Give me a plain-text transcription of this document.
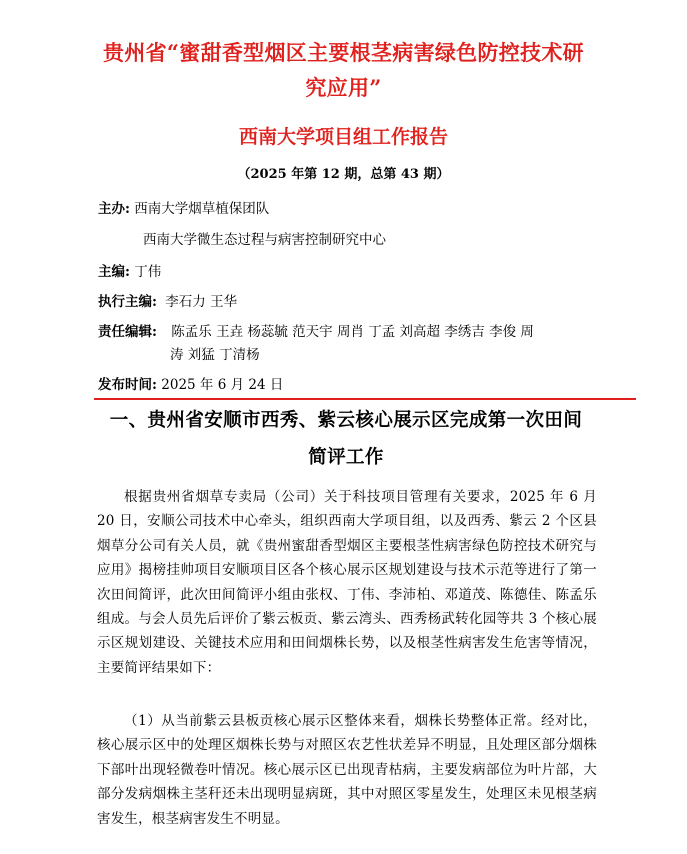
贵州省“蜜甜香型烟区主要根茎病害绿色防控技术研
究应用”
西南大学项目组工作报告
（2025 年第 12 期，总第 43 期）
主办: 西南大学烟草植保团队
西南大学微生态过程与病害控制研究中心
主编: 丁伟
执行主编: 李石力 王华
责任编辑: 陈孟乐 王垚 杨蕊毓 范天宇 周肖 丁孟 刘高超 李绣吉 李俊 周
涛 刘猛 丁清杨
发布时间: 2025 年 6 月 24 日
一、贵州省安顺市西秀、紫云核心展示区完成第一次田间
简评工作
根据贵州省烟草专卖局（公司）关于科技项目管理有关要求，2025 年 6 月 20 日，安顺公司技术中心牵头，组织西南大学项目组，以及西秀、紫云 2 个区县烟草分公司有关人员，就《贵州蜜甜香型烟区主要根茎性病害绿色防控技术研究与应用》揭榜挂帅项目安顺项目区各个核心展示区规划建设与技术示范等进行了第一次田间简评，此次田间简评小组由张权、丁伟、李沛柏、邓道茂、陈德佳、陈孟乐组成。与会人员先后评价了紫云板贡、紫云湾头、西秀杨武转化园等共 3 个核心展示区规划建设、关键技术应用和田间烟株长势，以及根茎性病害发生危害等情况，主要简评结果如下：
（1）从当前紫云县板贡核心展示区整体来看，烟株长势整体正常。经对比，核心展示区中的处理区烟株长势与对照区农艺性状差异不明显，且处理区部分烟株下部叶出现轻微卷叶情况。核心展示区已出现青枯病，主要发病部位为叶片部，大部分发病烟株主茎秆还未出现明显病斑，其中对照区零星发生，处理区未见根茎病害发生，根茎病害发生不明显。
